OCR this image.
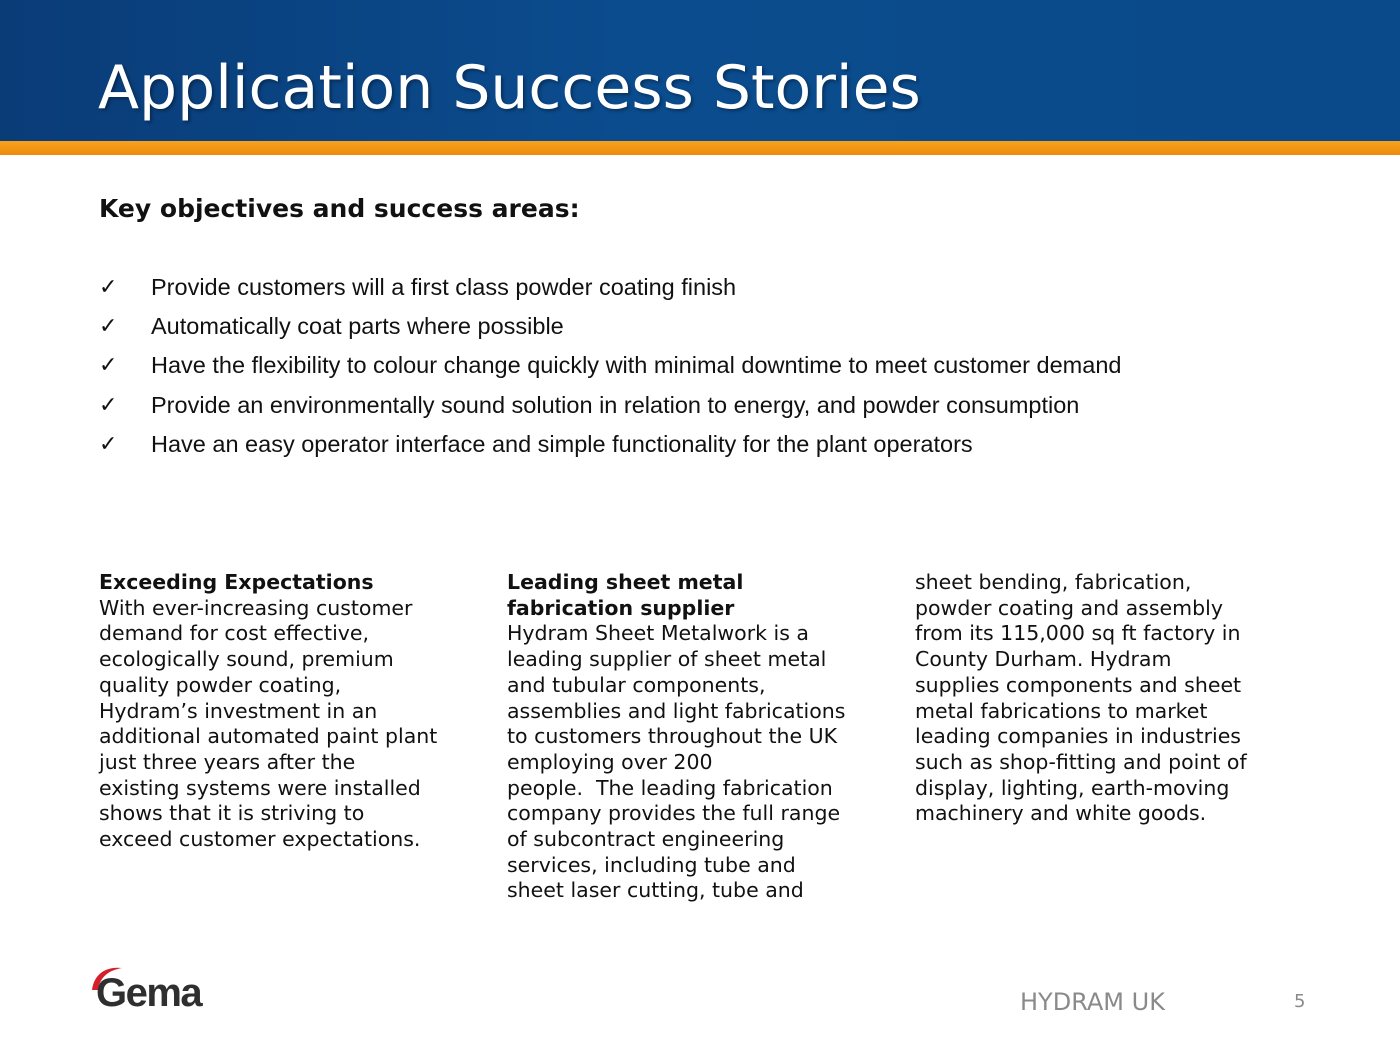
Application Success Stories
Key objectives and success areas:
✓	Provide customers will a first class powder coating finish
✓	Automatically coat parts where possible
✓	Have the flexibility to colour change quickly with minimal downtime to meet customer demand
✓	Provide an environmentally sound solution in relation to energy, and powder consumption
✓	Have an easy operator interface and simple functionality for the plant operators

Exceeding Expectations

With ever-increasing customer

demand for cost effective,

ecologically sound, premium

quality powder coating,

Hydram’s investment in an

additional automated paint plant

just three years after the

existing systems were installed

shows that it is striving to

exceed customer expectations.

Leading sheet metal

fabrication supplier

Hydram Sheet Metalwork is a

leading supplier of sheet metal

and tubular components,

assemblies and light fabrications

to customers throughout the UK

employing over 200

people.  The leading fabrication

company provides the full range

of subcontract engineering

services, including tube and

sheet laser cutting, tube and

sheet bending, fabrication,

powder coating and assembly

from its 115,000 sq ft factory in

County Durham. Hydram

supplies components and sheet

metal fabrications to market

leading companies in industries

such as shop-fitting and point of

display, lighting, earth-moving

machinery and white goods.

Gema	HYDRAM UK	5
